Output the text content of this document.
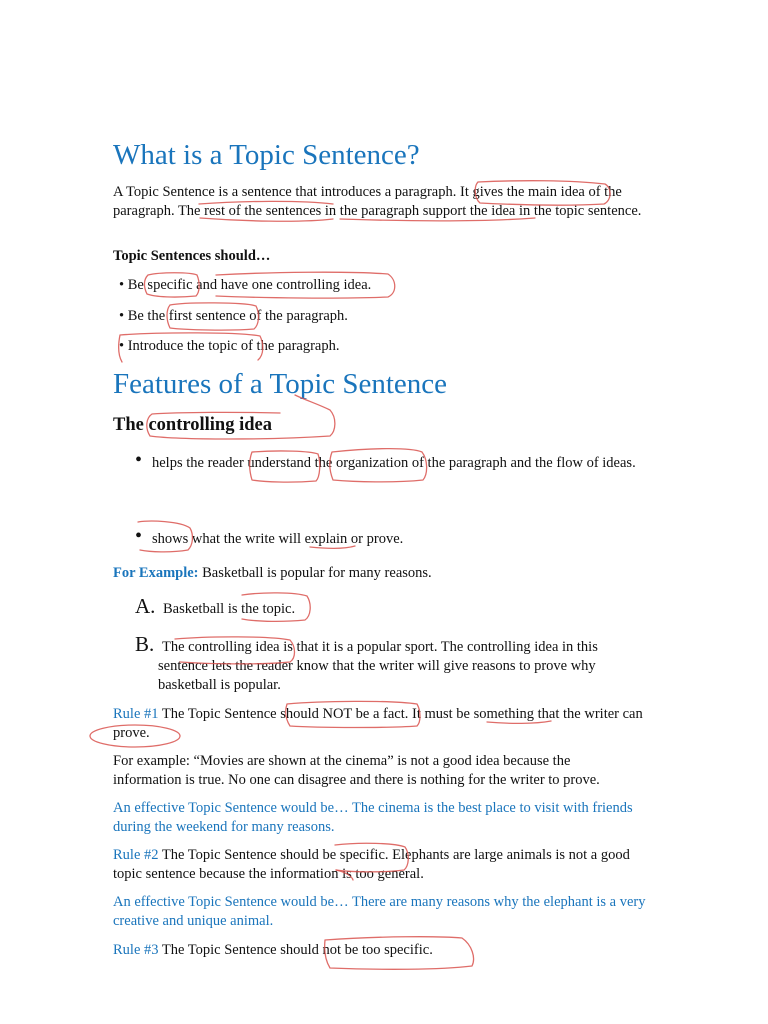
What is a Topic Sentence?

A Topic Sentence is a sentence that introduces a paragraph. It gives the main idea of the paragraph. The rest of the sentences in the paragraph support the idea in the topic sentence.

Topic Sentences should…

• Be specific and have one controlling idea.

• Be the first sentence of the paragraph.

• Introduce the topic of the paragraph.

Features of a Topic Sentence

The controlling idea

• helps the reader understand the organization of the paragraph and the flow of ideas.

• shows what the write will explain or prove.

For Example: Basketball is popular for many reasons.

A. Basketball is the topic.

B. The controlling idea is that it is a popular sport. The controlling idea in this sentence lets the reader know that the writer will give reasons to prove why basketball is popular.

Rule #1 The Topic Sentence should NOT be a fact. It must be something that the writer can prove.

For example: “Movies are shown at the cinema” is not a good idea because the information is true. No one can disagree and there is nothing for the writer to prove.

An effective Topic Sentence would be… The cinema is the best place to visit with friends during the weekend for many reasons.

Rule #2 The Topic Sentence should be specific. Elephants are large animals is not a good topic sentence because the information is too general.

An effective Topic Sentence would be… There are many reasons why the elephant is a very creative and unique animal.

Rule #3 The Topic Sentence should not be too specific.
